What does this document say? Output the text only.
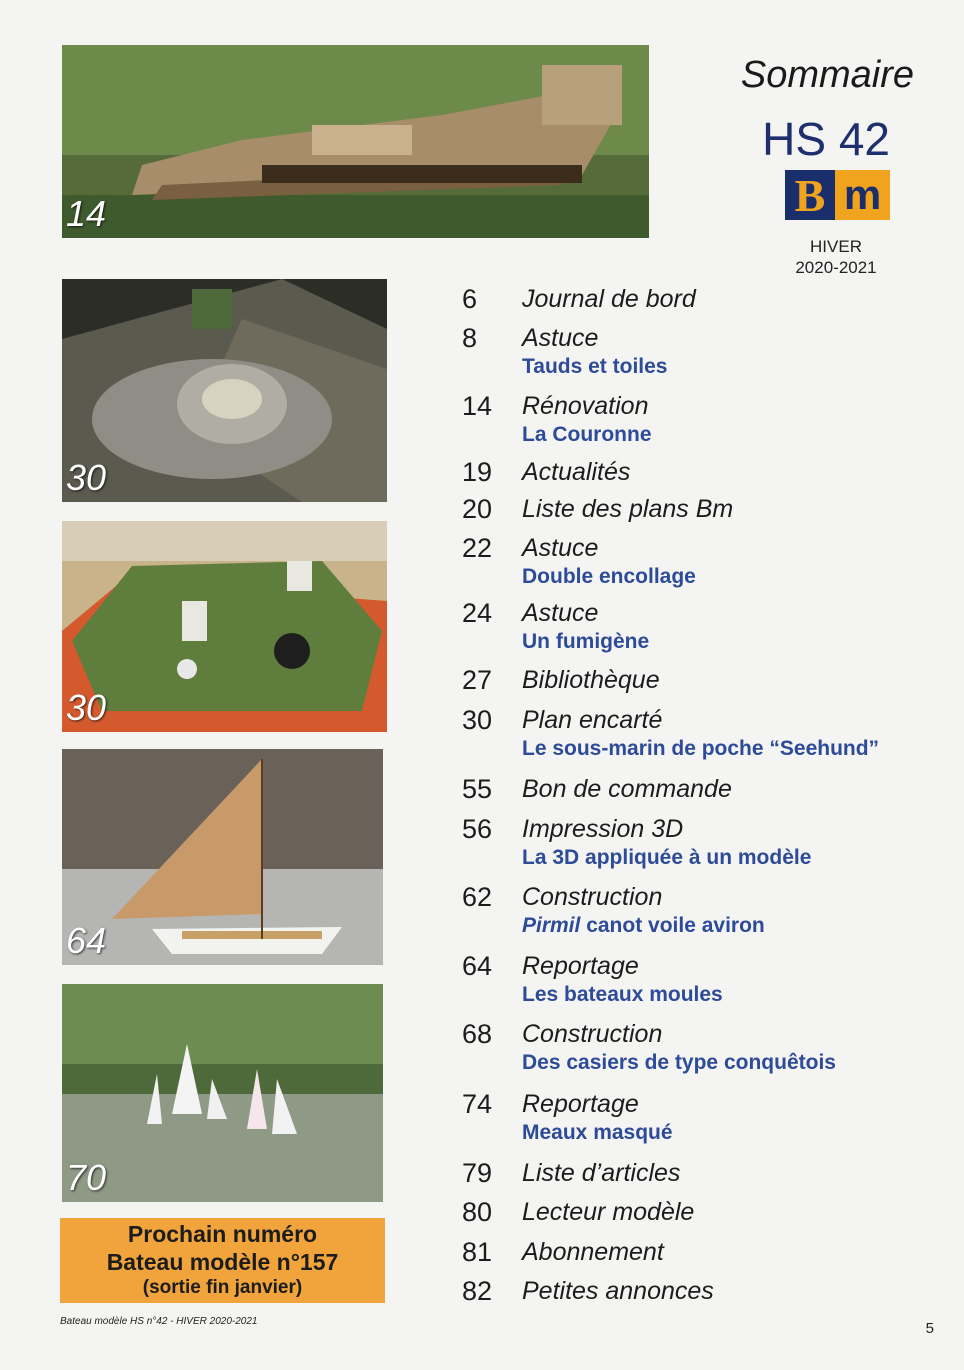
14
30
30
64
70
Sommaire
HS 42
B m
HIVER
2020-2021
6	Journal de bord
8	Astuce
Tauds et toiles
14	Rénovation
La Couronne
19	Actualités
20	Liste des plans Bm
22	Astuce
Double encollage
24	Astuce
Un fumigène
27	Bibliothèque
30	Plan encarté
Le sous-marin de poche “Seehund”
55	Bon de commande
56	Impression 3D
La 3D appliquée à un modèle
62	Construction
Pirmil canot voile aviron
64	Reportage
Les bateaux moules
68	Construction
Des casiers de type conquêtois
74	Reportage
Meaux masqué
79	Liste d’articles
80	Lecteur modèle
81	Abonnement
82	Petites annonces
Prochain numéro
Bateau modèle n°157
(sortie fin janvier)
Bateau modèle HS n°42 - HIVER 2020-2021	5
